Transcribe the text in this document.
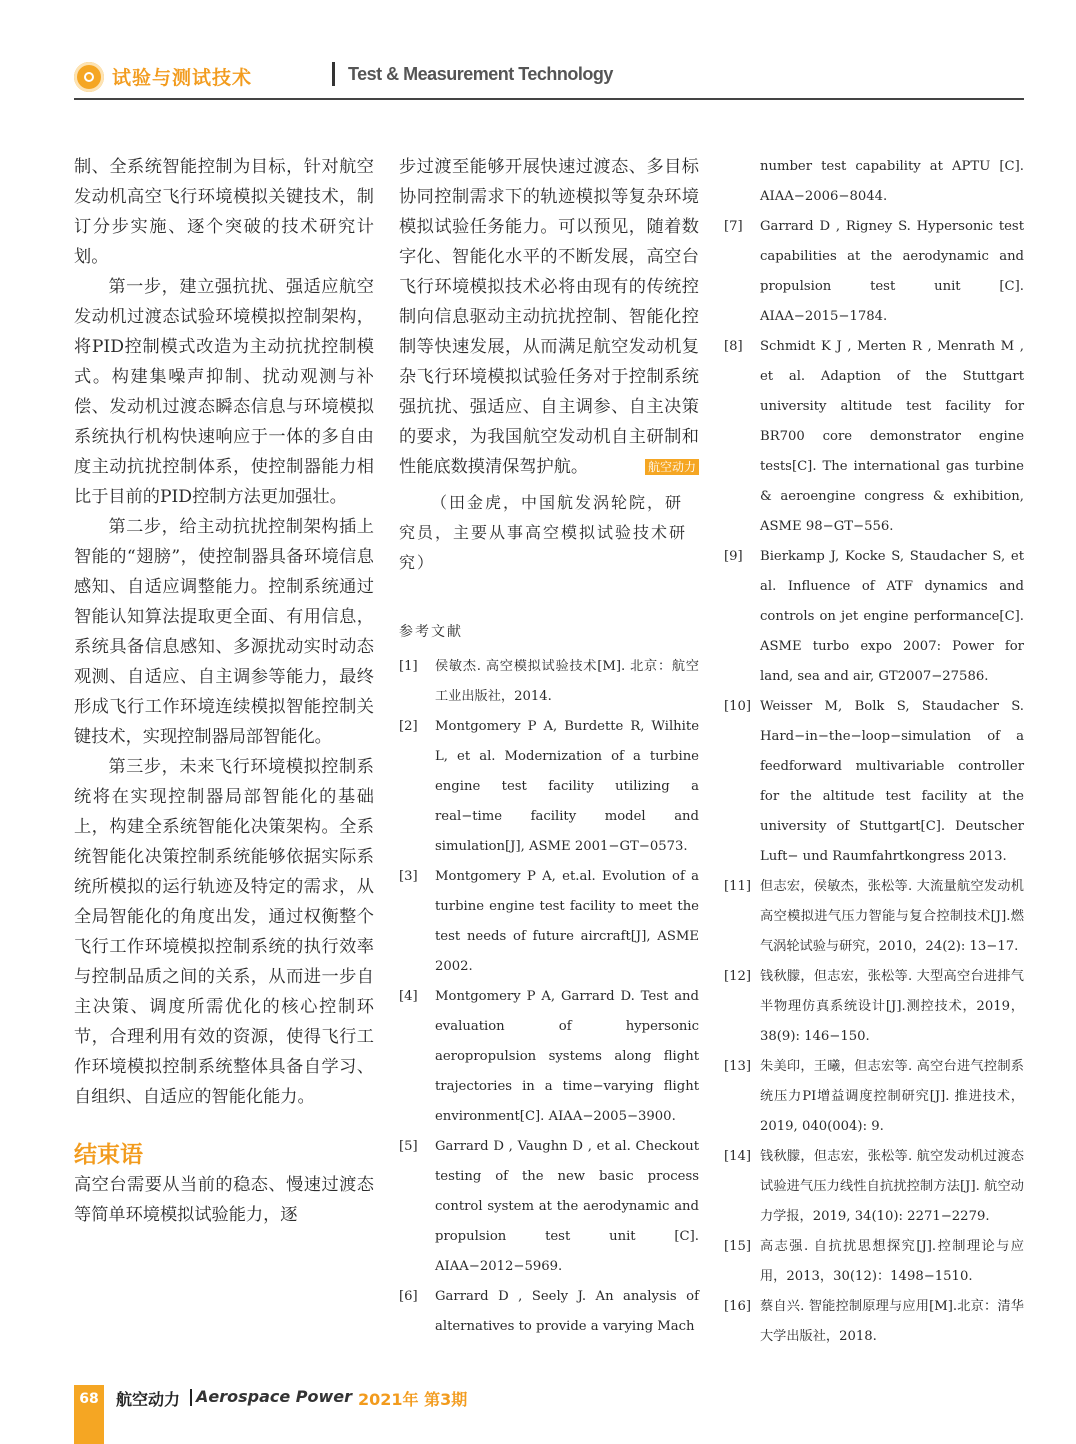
试验与测试技术	Test & Measurement Technology

制、全系统智能控制为目标，针对航空发动机高空飞行环境模拟关键技术，制订分步实施、逐个突破的技术研究计划。

第一步，建立强抗扰、强适应航空发动机过渡态试验环境模拟控制架构，将PID控制模式改造为主动抗扰控制模式。构建集噪声抑制、扰动观测与补偿、发动机过渡态瞬态信息与环境模拟系统执行机构快速响应于一体的多自由度主动抗扰控制体系，使控制器能力相比于目前的PID控制方法更加强壮。

第二步，给主动抗扰控制架构插上智能的“翅膀”，使控制器具备环境信息感知、自适应调整能力。控制系统通过智能认知算法提取更全面、有用信息，系统具备信息感知、多源扰动实时动态观测、自适应、自主调参等能力，最终形成飞行工作环境连续模拟智能控制关键技术，实现控制器局部智能化。

第三步，未来飞行环境模拟控制系统将在实现控制器局部智能化的基础上，构建全系统智能化决策架构。全系统智能化决策控制系统能够依据实际系统所模拟的运行轨迹及特定的需求，从全局智能化的角度出发，通过权衡整个飞行工作环境模拟控制系统的执行效率与控制品质之间的关系，从而进一步自主决策、调度所需优化的核心控制环节，合理利用有效的资源，使得飞行工作环境模拟控制系统整体具备自学习、自组织、自适应的智能化能力。

结束语

高空台需要从当前的稳态、慢速过渡态等简单环境模拟试验能力，逐

步过渡至能够开展快速过渡态、多目标协同控制需求下的轨迹模拟等复杂环境模拟试验任务能力。可以预见，随着数字化、智能化水平的不断发展，高空台飞行环境模拟技术必将由现有的传统控制向信息驱动主动抗扰控制、智能化控制等快速发展，从而满足航空发动机复杂飞行环境模拟试验任务对于控制系统强抗扰、强适应、自主调参、自主决策的要求，为我国航空发动机自主研制和性能底数摸清保驾护航。	航空动力

（田金虎，中国航发涡轮院，研究员，主要从事高空模拟试验技术研究）

参考文献
[1] 侯敏杰. 高空模拟试验技术[M]. 北京：航空工业出版社，2014.
[2] Montgomery P A, Burdette R, Wilhite L, et al. Modernization of a turbine engine test facility utilizing a real−time facility model and simulation[J], ASME 2001−GT−0573.
[3] Montgomery P A, et.al. Evolution of a turbine engine test facility to meet the test needs of future aircraft[J], ASME 2002.
[4] Montgomery P A, Garrard D. Test and evaluation of hypersonic aeropropulsion systems along flight trajectories in a time−varying flight environment[C]. AIAA−2005−3900.
[5] Garrard D , Vaughn D , et al. Checkout testing of the new basic process control system at the aerodynamic and propulsion test unit [C]. AIAA−2012−5969.
[6] Garrard D , Seely J. An analysis of alternatives to provide a varying Mach
number test capability at APTU [C]. AIAA−2006−8044.
[7] Garrard D , Rigney S. Hypersonic test capabilities at the aerodynamic and propulsion test unit [C]. AIAA−2015−1784.
[8] Schmidt K J , Merten R , Menrath M , et al. Adaption of the Stuttgart university altitude test facility for BR700 core demonstrator engine tests[C]. The international gas turbine & aeroengine congress & exhibition, ASME 98−GT−556.
[9] Bierkamp J, Kocke S, Staudacher S, et al. Influence of ATF dynamics and controls on jet engine performance[C]. ASME turbo expo 2007: Power for land, sea and air, GT2007−27586.
[10] Weisser M, Bolk S, Staudacher S. Hard−in−the−loop−simulation of a feedforward multivariable controller for the altitude test facility at the university of Stuttgart[C]. Deutscher Luft− und Raumfahrtkongress 2013.
[11] 但志宏，侯敏杰，张松等. 大流量航空发动机高空模拟进气压力智能与复合控制技术[J].燃气涡轮试验与研究，2010，24(2): 13−17.
[12] 钱秋朦，但志宏，张松等. 大型高空台进排气半物理仿真系统设计[J].测控技术，2019，38(9): 146−150.
[13] 朱美印，王曦，但志宏等. 高空台进气控制系统压力PI增益调度控制研究[J]. 推进技术，2019, 040(004): 9.
[14] 钱秋朦，但志宏，张松等. 航空发动机过渡态试验进气压力线性自抗扰控制方法[J]. 航空动力学报，2019, 34(10): 2271−2279.
[15] 高志强. 自抗扰思想探究[J].控制理论与应用，2013，30(12)：1498−1510.
[16] 蔡自兴. 智能控制原理与应用[M].北京：清华大学出版社，2018.
68	航空动力 Aerospace Power 2021年 第3期
